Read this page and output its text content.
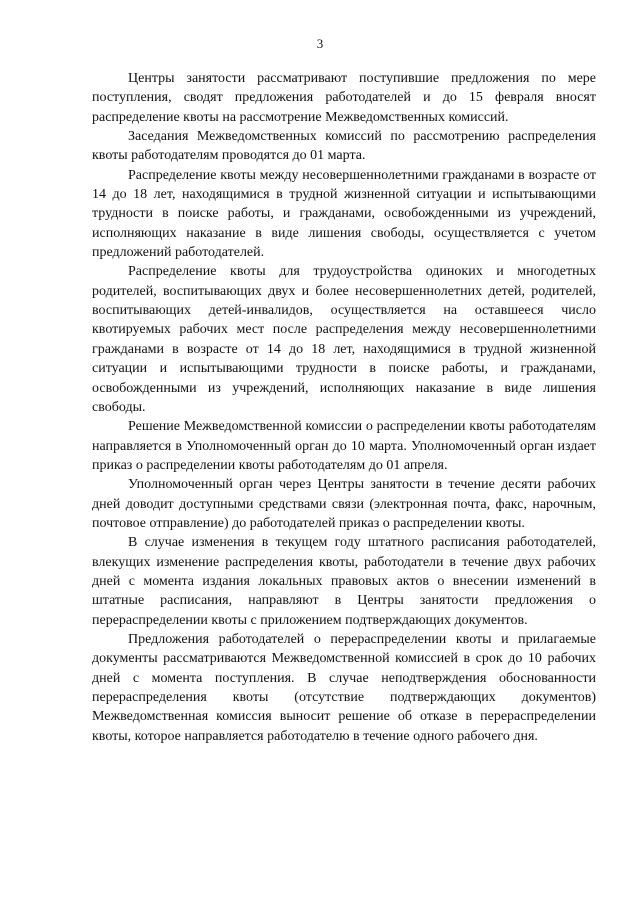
3

Центры занятости рассматривают поступившие предложения по мере поступления, сводят предложения работодателей и до 15 февраля вносят распределение квоты на рассмотрение Межведомственных комиссий.

Заседания Межведомственных комиссий по рассмотрению распределения квоты работодателям проводятся до 01 марта.

Распределение квоты между несовершеннолетними гражданами в возрасте от 14 до 18 лет, находящимися в трудной жизненной ситуации и испытывающими трудности в поиске работы, и гражданами, освобожденными из учреждений, исполняющих наказание в виде лишения свободы, осуществляется с учетом предложений работодателей.

Распределение квоты для трудоустройства одиноких и многодетных родителей, воспитывающих двух и более несовершеннолетних детей, родителей, воспитывающих детей-инвалидов, осуществляется на оставшееся число квотируемых рабочих мест после распределения между несовершеннолетними гражданами в возрасте от 14 до 18 лет, находящимися в трудной жизненной ситуации и испытывающими трудности в поиске работы, и гражданами, освобожденными из учреждений, исполняющих наказание в виде лишения свободы.

Решение Межведомственной комиссии о распределении квоты работодателям направляется в Уполномоченный орган до 10 марта. Уполномоченный орган издает приказ о распределении квоты работодателям до 01 апреля.

Уполномоченный орган через Центры занятости в течение десяти рабочих дней доводит доступными средствами связи (электронная почта, факс, нарочным, почтовое отправление) до работодателей приказ о распределении квоты.

В случае изменения в текущем году штатного расписания работодателей, влекущих изменение распределения квоты, работодатели в течение двух рабочих дней с момента издания локальных правовых актов о внесении изменений в штатные расписания, направляют в Центры занятости предложения о перераспределении квоты с приложением подтверждающих документов.

Предложения работодателей о перераспределении квоты и прилагаемые документы рассматриваются Межведомственной комиссией в срок до 10 рабочих дней с момента поступления. В случае неподтверждения обоснованности перераспределения квоты (отсутствие подтверждающих документов) Межведомственная комиссия выносит решение об отказе в перераспределении квоты, которое направляется работодателю в течение одного рабочего дня.
